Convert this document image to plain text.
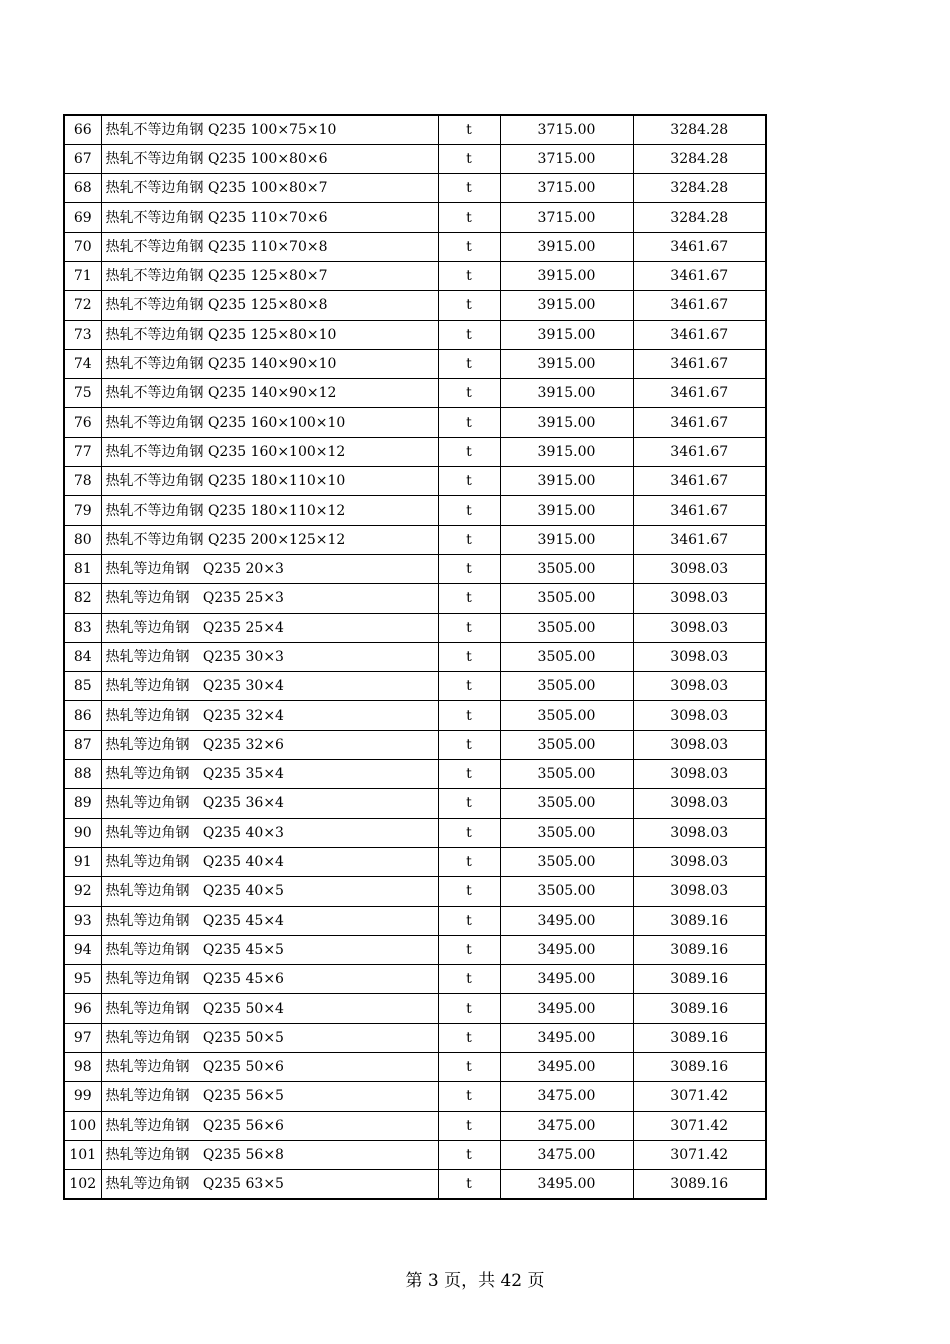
66	热轧不等边角钢 Q235 100×75×10	t	3715.00	3284.28
67	热轧不等边角钢 Q235 100×80×6	t	3715.00	3284.28
68	热轧不等边角钢 Q235 100×80×7	t	3715.00	3284.28
69	热轧不等边角钢 Q235 110×70×6	t	3715.00	3284.28
70	热轧不等边角钢 Q235 110×70×8	t	3915.00	3461.67
71	热轧不等边角钢 Q235 125×80×7	t	3915.00	3461.67
72	热轧不等边角钢 Q235 125×80×8	t	3915.00	3461.67
73	热轧不等边角钢 Q235 125×80×10	t	3915.00	3461.67
74	热轧不等边角钢 Q235 140×90×10	t	3915.00	3461.67
75	热轧不等边角钢 Q235 140×90×12	t	3915.00	3461.67
76	热轧不等边角钢 Q235 160×100×10	t	3915.00	3461.67
77	热轧不等边角钢 Q235 160×100×12	t	3915.00	3461.67
78	热轧不等边角钢 Q235 180×110×10	t	3915.00	3461.67
79	热轧不等边角钢 Q235 180×110×12	t	3915.00	3461.67
80	热轧不等边角钢 Q235 200×125×12	t	3915.00	3461.67
81	热轧等边角钢   Q235 20×3	t	3505.00	3098.03
82	热轧等边角钢   Q235 25×3	t	3505.00	3098.03
83	热轧等边角钢   Q235 25×4	t	3505.00	3098.03
84	热轧等边角钢   Q235 30×3	t	3505.00	3098.03
85	热轧等边角钢   Q235 30×4	t	3505.00	3098.03
86	热轧等边角钢   Q235 32×4	t	3505.00	3098.03
87	热轧等边角钢   Q235 32×6	t	3505.00	3098.03
88	热轧等边角钢   Q235 35×4	t	3505.00	3098.03
89	热轧等边角钢   Q235 36×4	t	3505.00	3098.03
90	热轧等边角钢   Q235 40×3	t	3505.00	3098.03
91	热轧等边角钢   Q235 40×4	t	3505.00	3098.03
92	热轧等边角钢   Q235 40×5	t	3505.00	3098.03
93	热轧等边角钢   Q235 45×4	t	3495.00	3089.16
94	热轧等边角钢   Q235 45×5	t	3495.00	3089.16
95	热轧等边角钢   Q235 45×6	t	3495.00	3089.16
96	热轧等边角钢   Q235 50×4	t	3495.00	3089.16
97	热轧等边角钢   Q235 50×5	t	3495.00	3089.16
98	热轧等边角钢   Q235 50×6	t	3495.00	3089.16
99	热轧等边角钢   Q235 56×5	t	3475.00	3071.42
100	热轧等边角钢   Q235 56×6	t	3475.00	3071.42
101	热轧等边角钢   Q235 56×8	t	3475.00	3071.42
102	热轧等边角钢   Q235 63×5	t	3495.00	3089.16
第 3 页，共 42 页
